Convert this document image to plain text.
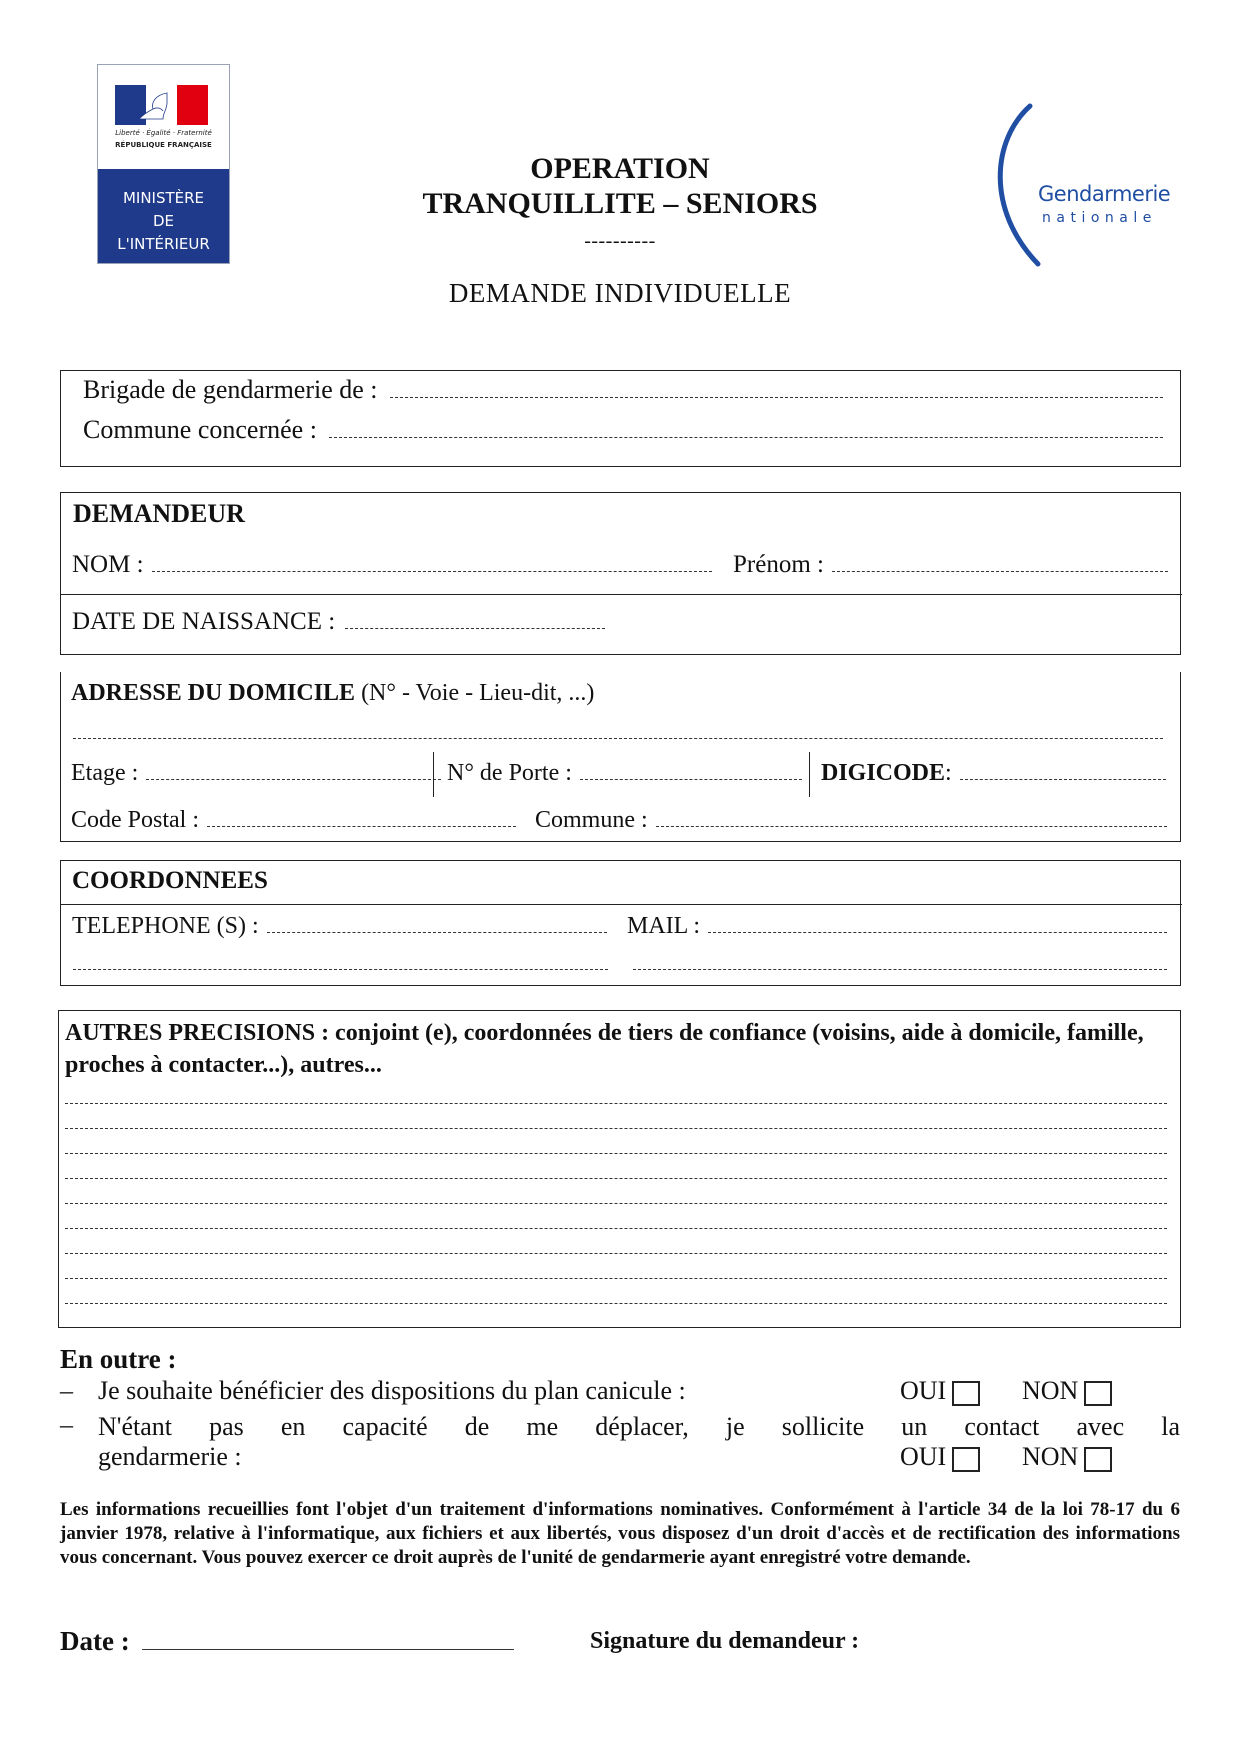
Liberté · Égalité · Fraternité
RÉPUBLIQUE FRANÇAISE
MINISTÈRE
DE
L'INTÉRIEUR
Gendarmerie
nationale
OPERATION
TRANQUILLITE – SENIORS
----------
DEMANDE INDIVIDUELLE
Brigade de gendarmerie de :
Commune concernée :
DEMANDEUR
NOM :	Prénom :
DATE DE NAISSANCE :
ADRESSE DU DOMICILE (N° - Voie - Lieu-dit, ...)
Etage :	N° de Porte :	DIGICODE :
Code Postal :	Commune :
COORDONNEES
TELEPHONE (S) :	MAIL :
AUTRES PRECISIONS : conjoint (e), coordonnées de tiers de confiance (voisins, aide à domicile, famille, proches à contacter...), autres...
En outre :
– Je souhaite bénéficier des dispositions du plan canicule :	OUI	NON
– N'étant pas en capacité de me déplacer, je sollicite un contact avec la
gendarmerie :	OUI	NON
Les informations recueillies font l'objet d'un traitement d'informations nominatives. Conformément à l'article 34 de la loi 78-17 du 6 janvier 1978, relative à l'informatique, aux fichiers et aux libertés, vous disposez d'un droit d'accès et de rectification des informations vous concernant. Vous pouvez exercer ce droit auprès de l'unité de gendarmerie ayant enregistré votre demande.
Date :	Signature du demandeur :
